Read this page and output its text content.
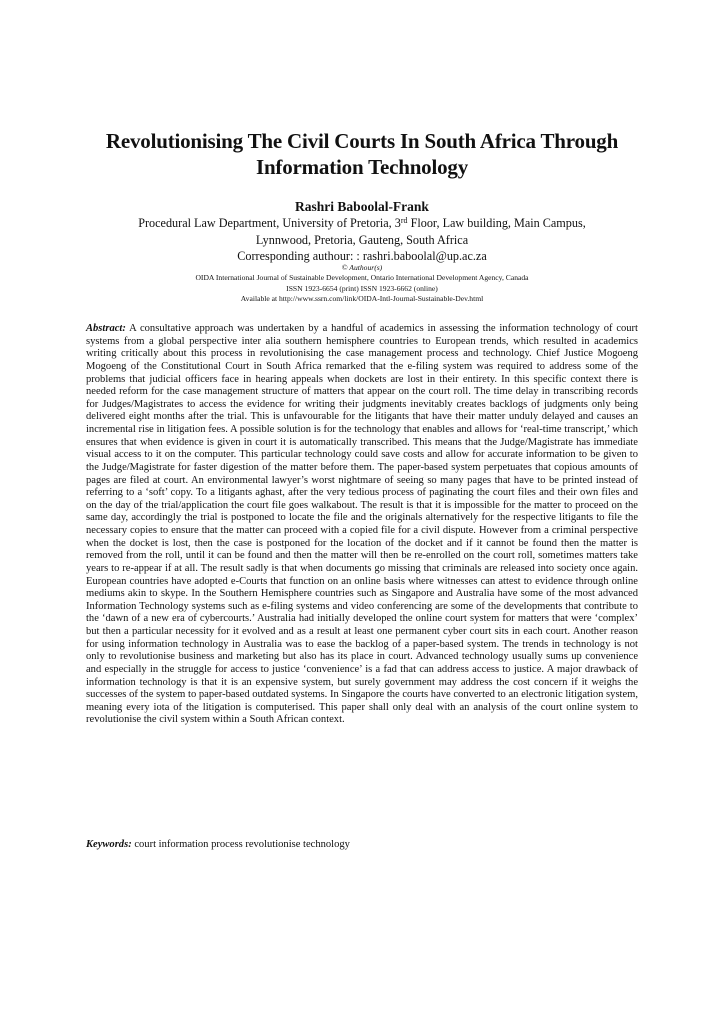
Revolutionising The Civil Courts In South Africa Through
Information Technology
Rashri Baboolal-Frank
Procedural Law Department, University of Pretoria, 3rd Floor, Law building, Main Campus,
Lynnwood, Pretoria, Gauteng, South Africa
Corresponding authour: : rashri.baboolal@up.ac.za
© Authour(s)
OIDA International Journal of Sustainable Development, Ontario International Development Agency, Canada
ISSN 1923-6654 (print) ISSN 1923-6662 (online)
Available at http://www.ssrn.com/link/OIDA-Intl-Journal-Sustainable-Dev.html
Abstract: A consultative approach was undertaken by a handful of academics in assessing the information technology of court systems from a global perspective inter alia southern hemisphere countries to European trends, which resulted in academics writing critically about this process in revolutionising the case management process and technology. Chief Justice Mogoeng Mogoeng of the Constitutional Court in South Africa remarked that the e-filing system was required to address some of the problems that judicial officers face in hearing appeals when dockets are lost in their entirety. In this specific context there is needed reform for the case management structure of matters that appear on the court roll. The time delay in transcribing records for Judges/Magistrates to access the evidence for writing their judgments inevitably creates backlogs of judgments only being delivered eight months after the trial. This is unfavourable for the litigants that have their matter unduly delayed and causes an incremental rise in litigation fees. A possible solution is for the technology that enables and allows for ‘real-time transcript,’ which ensures that when evidence is given in court it is automatically transcribed. This means that the Judge/Magistrate has immediate visual access to it on the computer. This particular technology could save costs and allow for accurate information to be given to the Judge/Magistrate for faster digestion of the matter before them. The paper-based system perpetuates that copious amounts of pages are filed at court. An environmental lawyer’s worst nightmare of seeing so many pages that have to be printed instead of referring to a ‘soft’ copy. To a litigants aghast, after the very tedious process of paginating the court files and their own files and on the day of the trial/application the court file goes walkabout. The result is that it is impossible for the matter to proceed on the same day, accordingly the trial is postponed to locate the file and the originals alternatively for the respective litigants to file the necessary copies to ensure that the matter can proceed with a copied file for a civil dispute. However from a criminal perspective when the docket is lost, then the case is postponed for the location of the docket and if it cannot be found then the matter is removed from the roll, until it can be found and then the matter will then be re-enrolled on the court roll, sometimes matters take years to re-appear if at all. The result sadly is that when documents go missing that criminals are released into society once again. European countries have adopted e-Courts that function on an online basis where witnesses can attest to evidence through online mediums akin to skype. In the Southern Hemisphere countries such as Singapore and Australia have some of the most advanced Information Technology systems such as e-filing systems and video conferencing are some of the developments that contribute to the ‘dawn of a new era of cybercourts.’ Australia had initially developed the online court system for matters that were ‘complex’ but then a particular necessity for it evolved and as a result at least one permanent cyber court sits in each court. Another reason for using information technology in Australia was to ease the backlog of a paper-based system. The trends in technology is not only to revolutionise business and marketing but also has its place in court. Advanced technology usually sums up convenience and especially in the struggle for access to justice ‘convenience’ is a fad that can address access to justice. A major drawback of information technology is that it is an expensive system, but surely government may address the cost concern if it weighs the successes of the system to paper-based outdated systems. In Singapore the courts have converted to an electronic litigation system, meaning every iota of the litigation is computerised. This paper shall only deal with an analysis of the court online system to revolutionise the civil system within a South African context.
Keywords: court information process revolutionise technology
